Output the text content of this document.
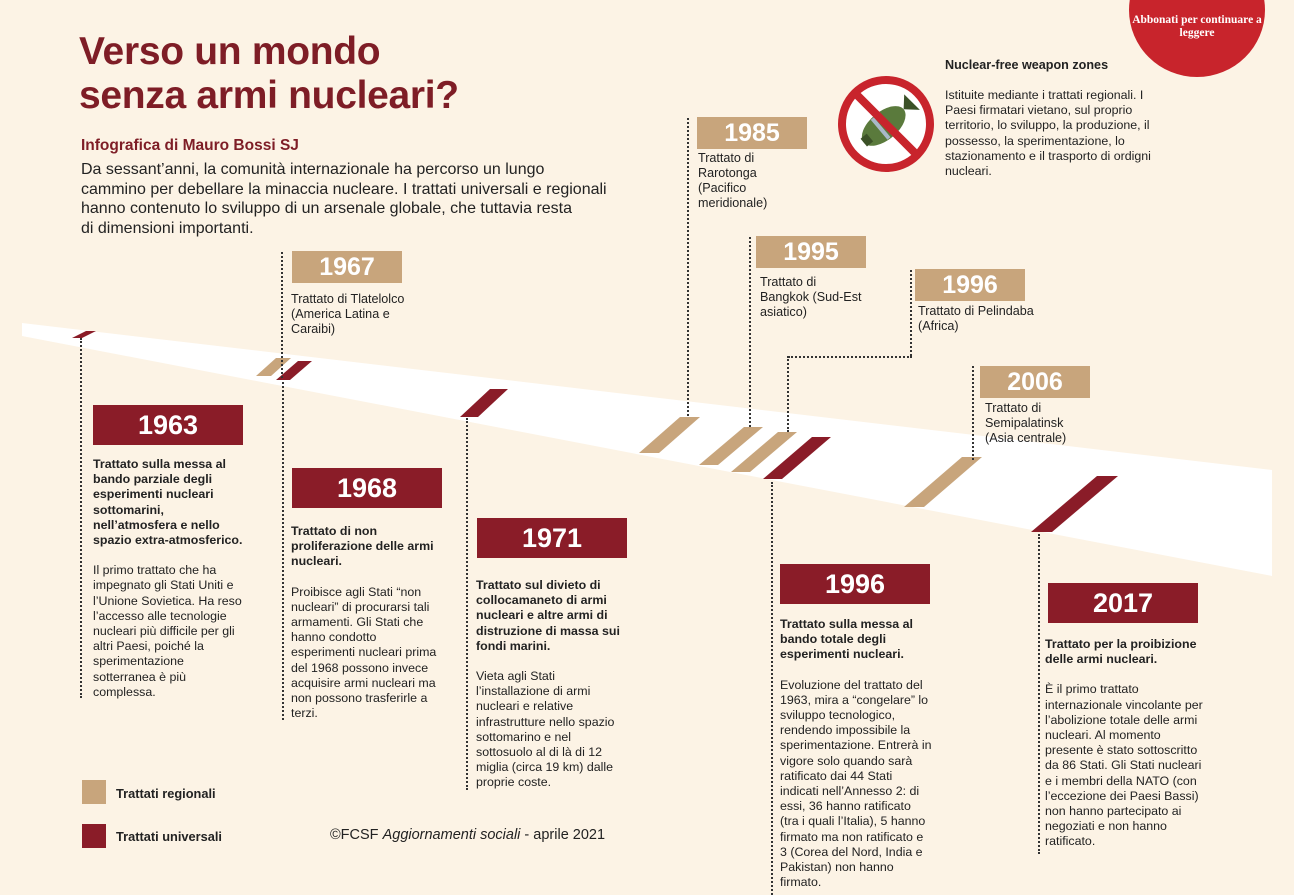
Verso un mondo
senza armi nucleari?
Infografica di Mauro Bossi SJ
Da sessant’anni, la comunità internazionale ha percorso un lungo
cammino per debellare la minaccia nucleare. I trattati universali e regionali
hanno contenuto lo sviluppo di un arsenale globale, che tuttavia resta
di dimensioni importanti.
Abbonati per continuare a leggere
Nuclear-free weapon zones
Istituite mediante i trattati regionali. I Paesi firmatari vietano, sul proprio territorio, lo sviluppo, la produzione, il possesso, la sperimentazione, lo stazionamento e il trasporto di ordigni nucleari.
1967
Trattato di Tlatelolco (America Latina e Caraibi)
1985
Trattato di Rarotonga (Pacifico meridionale)
1995
Trattato di Bangkok (Sud-Est asiatico)
1996
Trattato di Pelindaba (Africa)
2006
Trattato di Semipalatinsk (Asia centrale)
1963
Trattato sulla messa al bando parziale degli esperimenti nucleari sottomarini, nell’atmosfera e nello spazio extra-atmosferico.
Il primo trattato che ha impegnato gli Stati Uniti e l’Unione Sovietica. Ha reso l’accesso alle tecnologie nucleari più difficile per gli altri Paesi, poiché la sperimentazione sotterranea è più complessa.
1968
Trattato di non proliferazione delle armi nucleari.
Proibisce agli Stati “non nucleari” di procurarsi tali armamenti. Gli Stati che hanno condotto esperimenti nucleari prima del 1968 possono invece acquisire armi nucleari ma non possono trasferirle a terzi.
1971
Trattato sul divieto di collocamaneto di armi nucleari e altre armi di distruzione di massa sui fondi marini.
Vieta agli Stati l’installazione di armi nucleari e relative infrastrutture nello spazio sottomarino e nel sottosuolo al di là di 12 miglia (circa 19 km) dalle proprie coste.
1996
Trattato sulla messa al bando totale degli esperimenti nucleari.
Evoluzione del trattato del 1963, mira a “congelare” lo sviluppo tecnologico, rendendo impossibile la sperimentazione. Entrerà in vigore solo quando sarà ratificato dai 44 Stati indicati nell’Annesso 2: di essi, 36 hanno ratificato (tra i quali l’Italia), 5 hanno firmato ma non ratificato e 3 (Corea del Nord, India e Pakistan) non hanno firmato.
2017
Trattato per la proibizione delle armi nucleari.
È il primo trattato internazionale vincolante per l’abolizione totale delle armi nucleari. Al momento presente è stato sottoscritto da 86 Stati. Gli Stati nucleari e i membri della NATO (con l’eccezione dei Paesi Bassi) non hanno partecipato ai negoziati e non hanno ratificato.
Trattati regionali
Trattati universali	©FCSF Aggiornamenti sociali - aprile 2021
